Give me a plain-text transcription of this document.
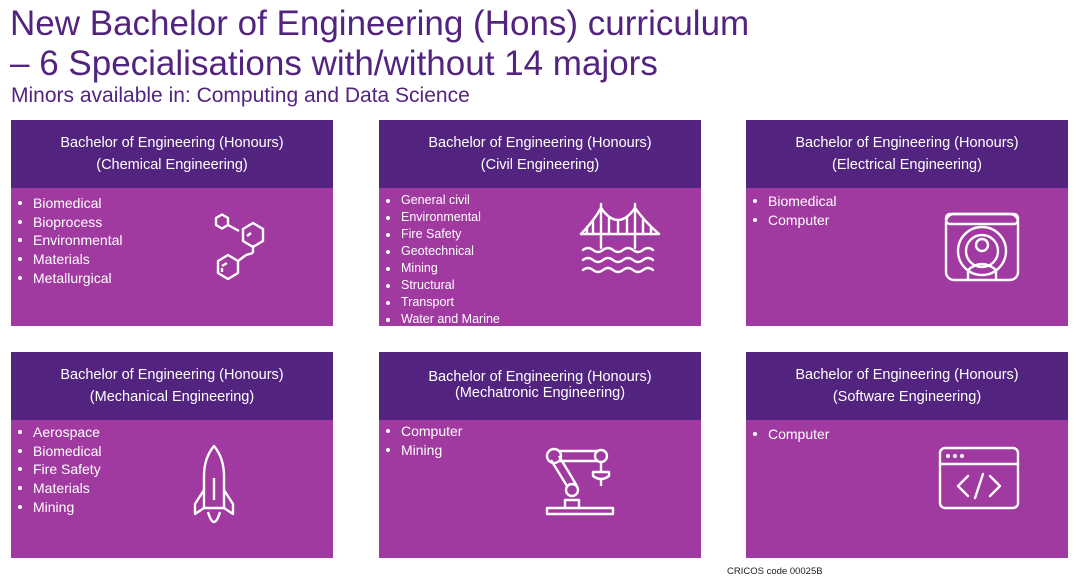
New Bachelor of Engineering (Hons) curriculum
– 6 Specialisations with/without 14 majors
Minors available in: Computing and Data Science
Bachelor of Engineering (Honours)
(Chemical Engineering)
Biomedical
Bioprocess
Environmental
Materials
Metallurgical
Bachelor of Engineering (Honours)
(Civil Engineering)
General civil
Environmental
Fire Safety
Geotechnical
Mining
Structural
Transport
Water and Marine
Bachelor of Engineering (Honours)
(Electrical Engineering)
Biomedical
Computer
Bachelor of Engineering (Honours)
(Mechanical Engineering)
Aerospace
Biomedical
Fire Safety
Materials
Mining
Bachelor of Engineering (Honours)
(Mechatronic Engineering)
Computer
Mining
Bachelor of Engineering (Honours)
(Software Engineering)
Computer
CRICOS code 00025B
